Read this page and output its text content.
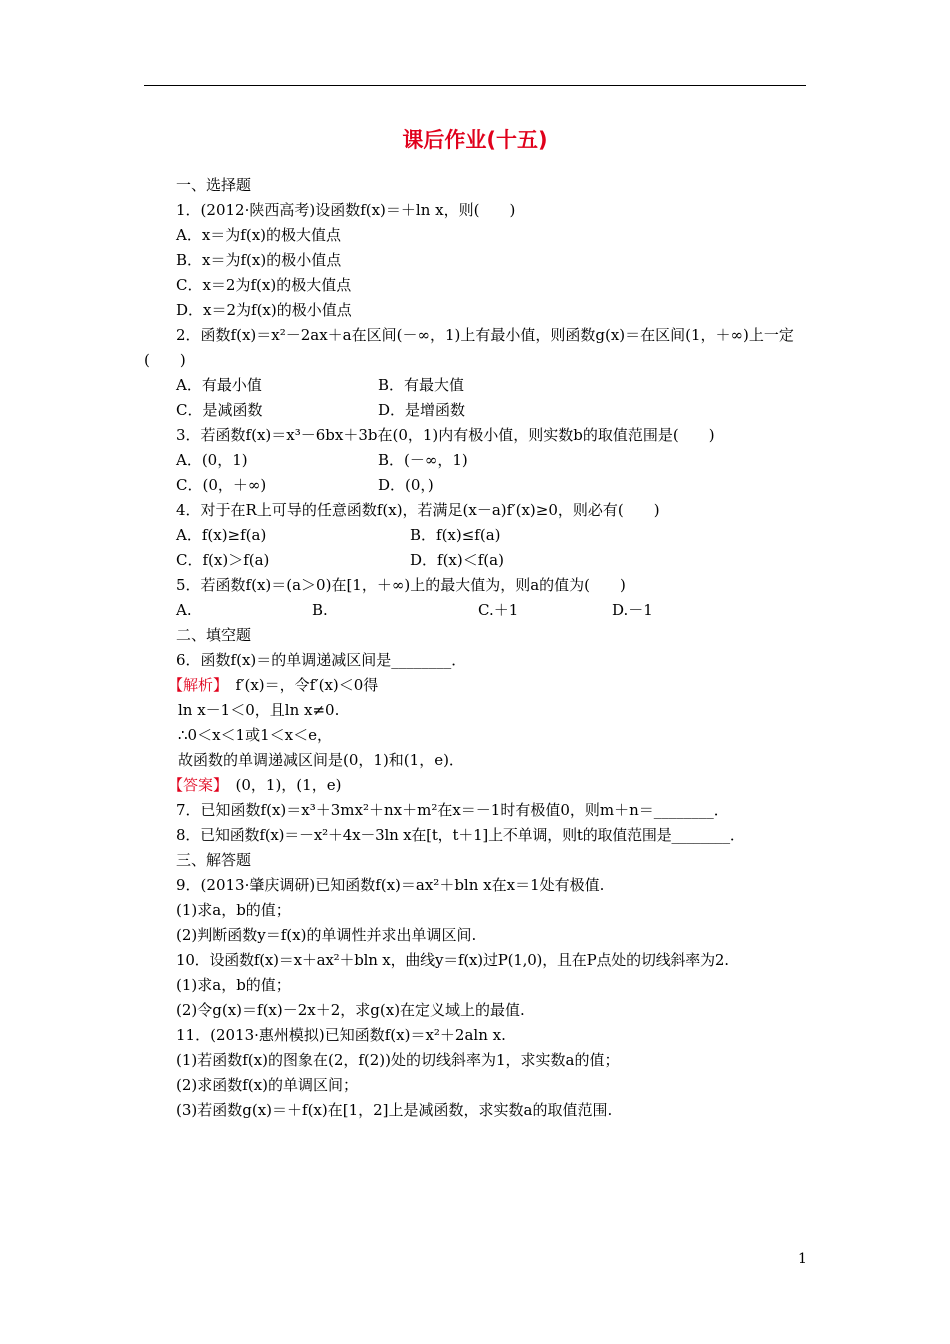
课后作业(十五)
一、选择题
1．(2012·陕西高考)设函数f(x)＝＋ln x，则(　　)
A．x＝为f(x)的极大值点
B．x＝为f(x)的极小值点
C．x＝2为f(x)的极大值点
D．x＝2为f(x)的极小值点
2．函数f(x)＝x²－2ax＋a在区间(－∞，1)上有最小值，则函数g(x)＝在区间(1，＋∞)上一定(　　)
A．有最小值	B．有最大值
C．是减函数	D．是增函数
3．若函数f(x)＝x³－6bx＋3b在(0，1)内有极小值，则实数b的取值范围是(　　)
A．(0，1)	B．(－∞，1)
C．(0，＋∞)	D．(0，)
4．对于在R上可导的任意函数f(x)，若满足(x－a)f′(x)≥0，则必有(　　)
A．f(x)≥f(a)	B．f(x)≤f(a)
C．f(x)＞f(a)	D．f(x)＜f(a)
5．若函数f(x)＝(a＞0)在[1，＋∞)上的最大值为，则a的值为(　　)
A.	B.	C.＋1	D.－1
二、填空题
6．函数f(x)＝的单调递减区间是________．
【解析】　f′(x)＝，令f′(x)＜0得
ln x－1＜0，且ln x≠0.
∴0＜x＜1或1＜x＜e，
故函数的单调递减区间是(0，1)和(1，e)．
【答案】　(0，1)，(1，e)
7．已知函数f(x)＝x³＋3mx²＋nx＋m²在x＝－1时有极值0，则m＋n＝________．
8．已知函数f(x)＝－x²＋4x－3ln x在[t，t＋1]上不单调，则t的取值范围是________．
三、解答题
9．(2013·肇庆调研)已知函数f(x)＝ax²＋bln x在x＝1处有极值.
(1)求a，b的值；
(2)判断函数y＝f(x)的单调性并求出单调区间.
10．设函数f(x)＝x＋ax²＋bln x，曲线y＝f(x)过P(1,0)，且在P点处的切线斜率为2.
(1)求a，b的值；
(2)令g(x)＝f(x)－2x＋2，求g(x)在定义域上的最值.
11．(2013·惠州模拟)已知函数f(x)＝x²＋2aln x.
(1)若函数f(x)的图象在(2，f(2))处的切线斜率为1，求实数a的值；
(2)求函数f(x)的单调区间；
(3)若函数g(x)＝＋f(x)在[1，2]上是减函数，求实数a的取值范围.
1
